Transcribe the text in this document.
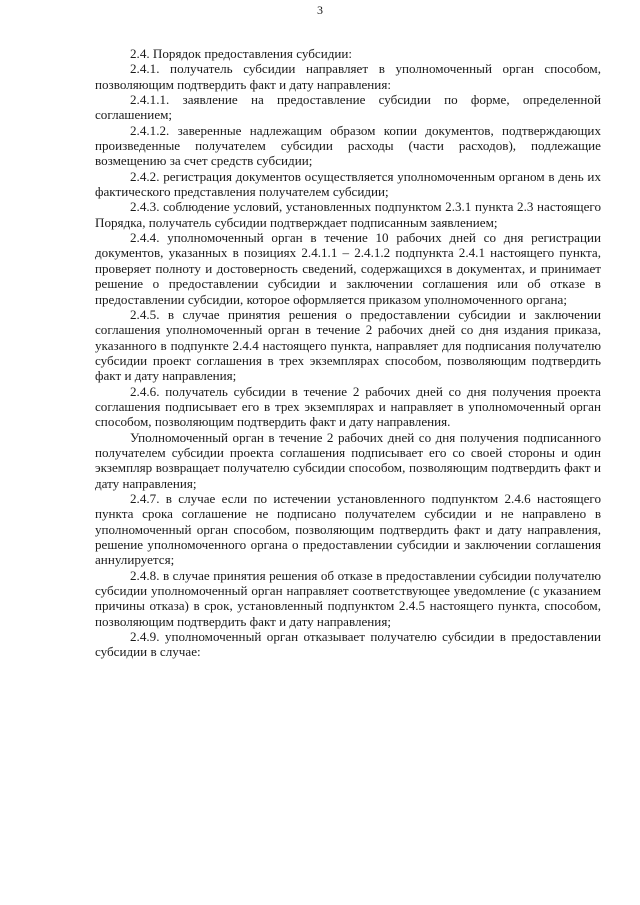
3

2.4. Порядок предоставления субсидии:

2.4.1. получатель субсидии направляет в уполномоченный орган способом, позволяющим подтвердить факт и дату направления:

2.4.1.1. заявление на предоставление субсидии по форме, определенной соглашением;

2.4.1.2. заверенные надлежащим образом копии документов, подтверждающих произведенные получателем субсидии расходы (части расходов), подлежащие возмещению за счет средств субсидии;

2.4.2. регистрация документов осуществляется уполномоченным органом в день их фактического представления получателем субсидии;

2.4.3. соблюдение условий, установленных подпунктом 2.3.1 пункта 2.3 настоящего Порядка, получатель субсидии подтверждает подписанным заявлением;

2.4.4. уполномоченный орган в течение 10 рабочих дней со дня регистрации документов, указанных в позициях 2.4.1.1 – 2.4.1.2 подпункта 2.4.1 настоящего пункта, проверяет полноту и достоверность сведений, содержащихся в документах, и принимает решение о предоставлении субсидии и заключении соглашения или об отказе в предоставлении субсидии, которое оформляется приказом уполномоченного органа;

2.4.5. в случае принятия решения о предоставлении субсидии и заключении соглашения уполномоченный орган в течение 2 рабочих дней со дня издания приказа, указанного в подпункте 2.4.4 настоящего пункта, направляет для подписания получателю субсидии проект соглашения в трех экземплярах способом, позволяющим подтвердить факт и дату направления;

2.4.6. получатель субсидии в течение 2 рабочих дней со дня получения проекта соглашения подписывает его в трех экземплярах и направляет в уполномоченный орган способом, позволяющим подтвердить факт и дату направления.

Уполномоченный орган в течение 2 рабочих дней со дня получения подписанного получателем субсидии проекта соглашения подписывает его со своей стороны и один экземпляр возвращает получателю субсидии способом, позволяющим подтвердить факт и дату направления;

2.4.7. в случае если по истечении установленного подпунктом 2.4.6 настоящего пункта срока соглашение не подписано получателем субсидии и не направлено в уполномоченный орган способом, позволяющим подтвердить факт и дату направления, решение уполномоченного органа о предоставлении субсидии и заключении соглашения аннулируется;

2.4.8. в случае принятия решения об отказе в предоставлении субсидии получателю субсидии уполномоченный орган направляет соответствующее уведомление (с указанием причины отказа) в срок, установленный подпунктом 2.4.5 настоящего пункта, способом, позволяющим подтвердить факт и дату направления;

2.4.9. уполномоченный орган отказывает получателю субсидии в предоставлении субсидии в случае:
